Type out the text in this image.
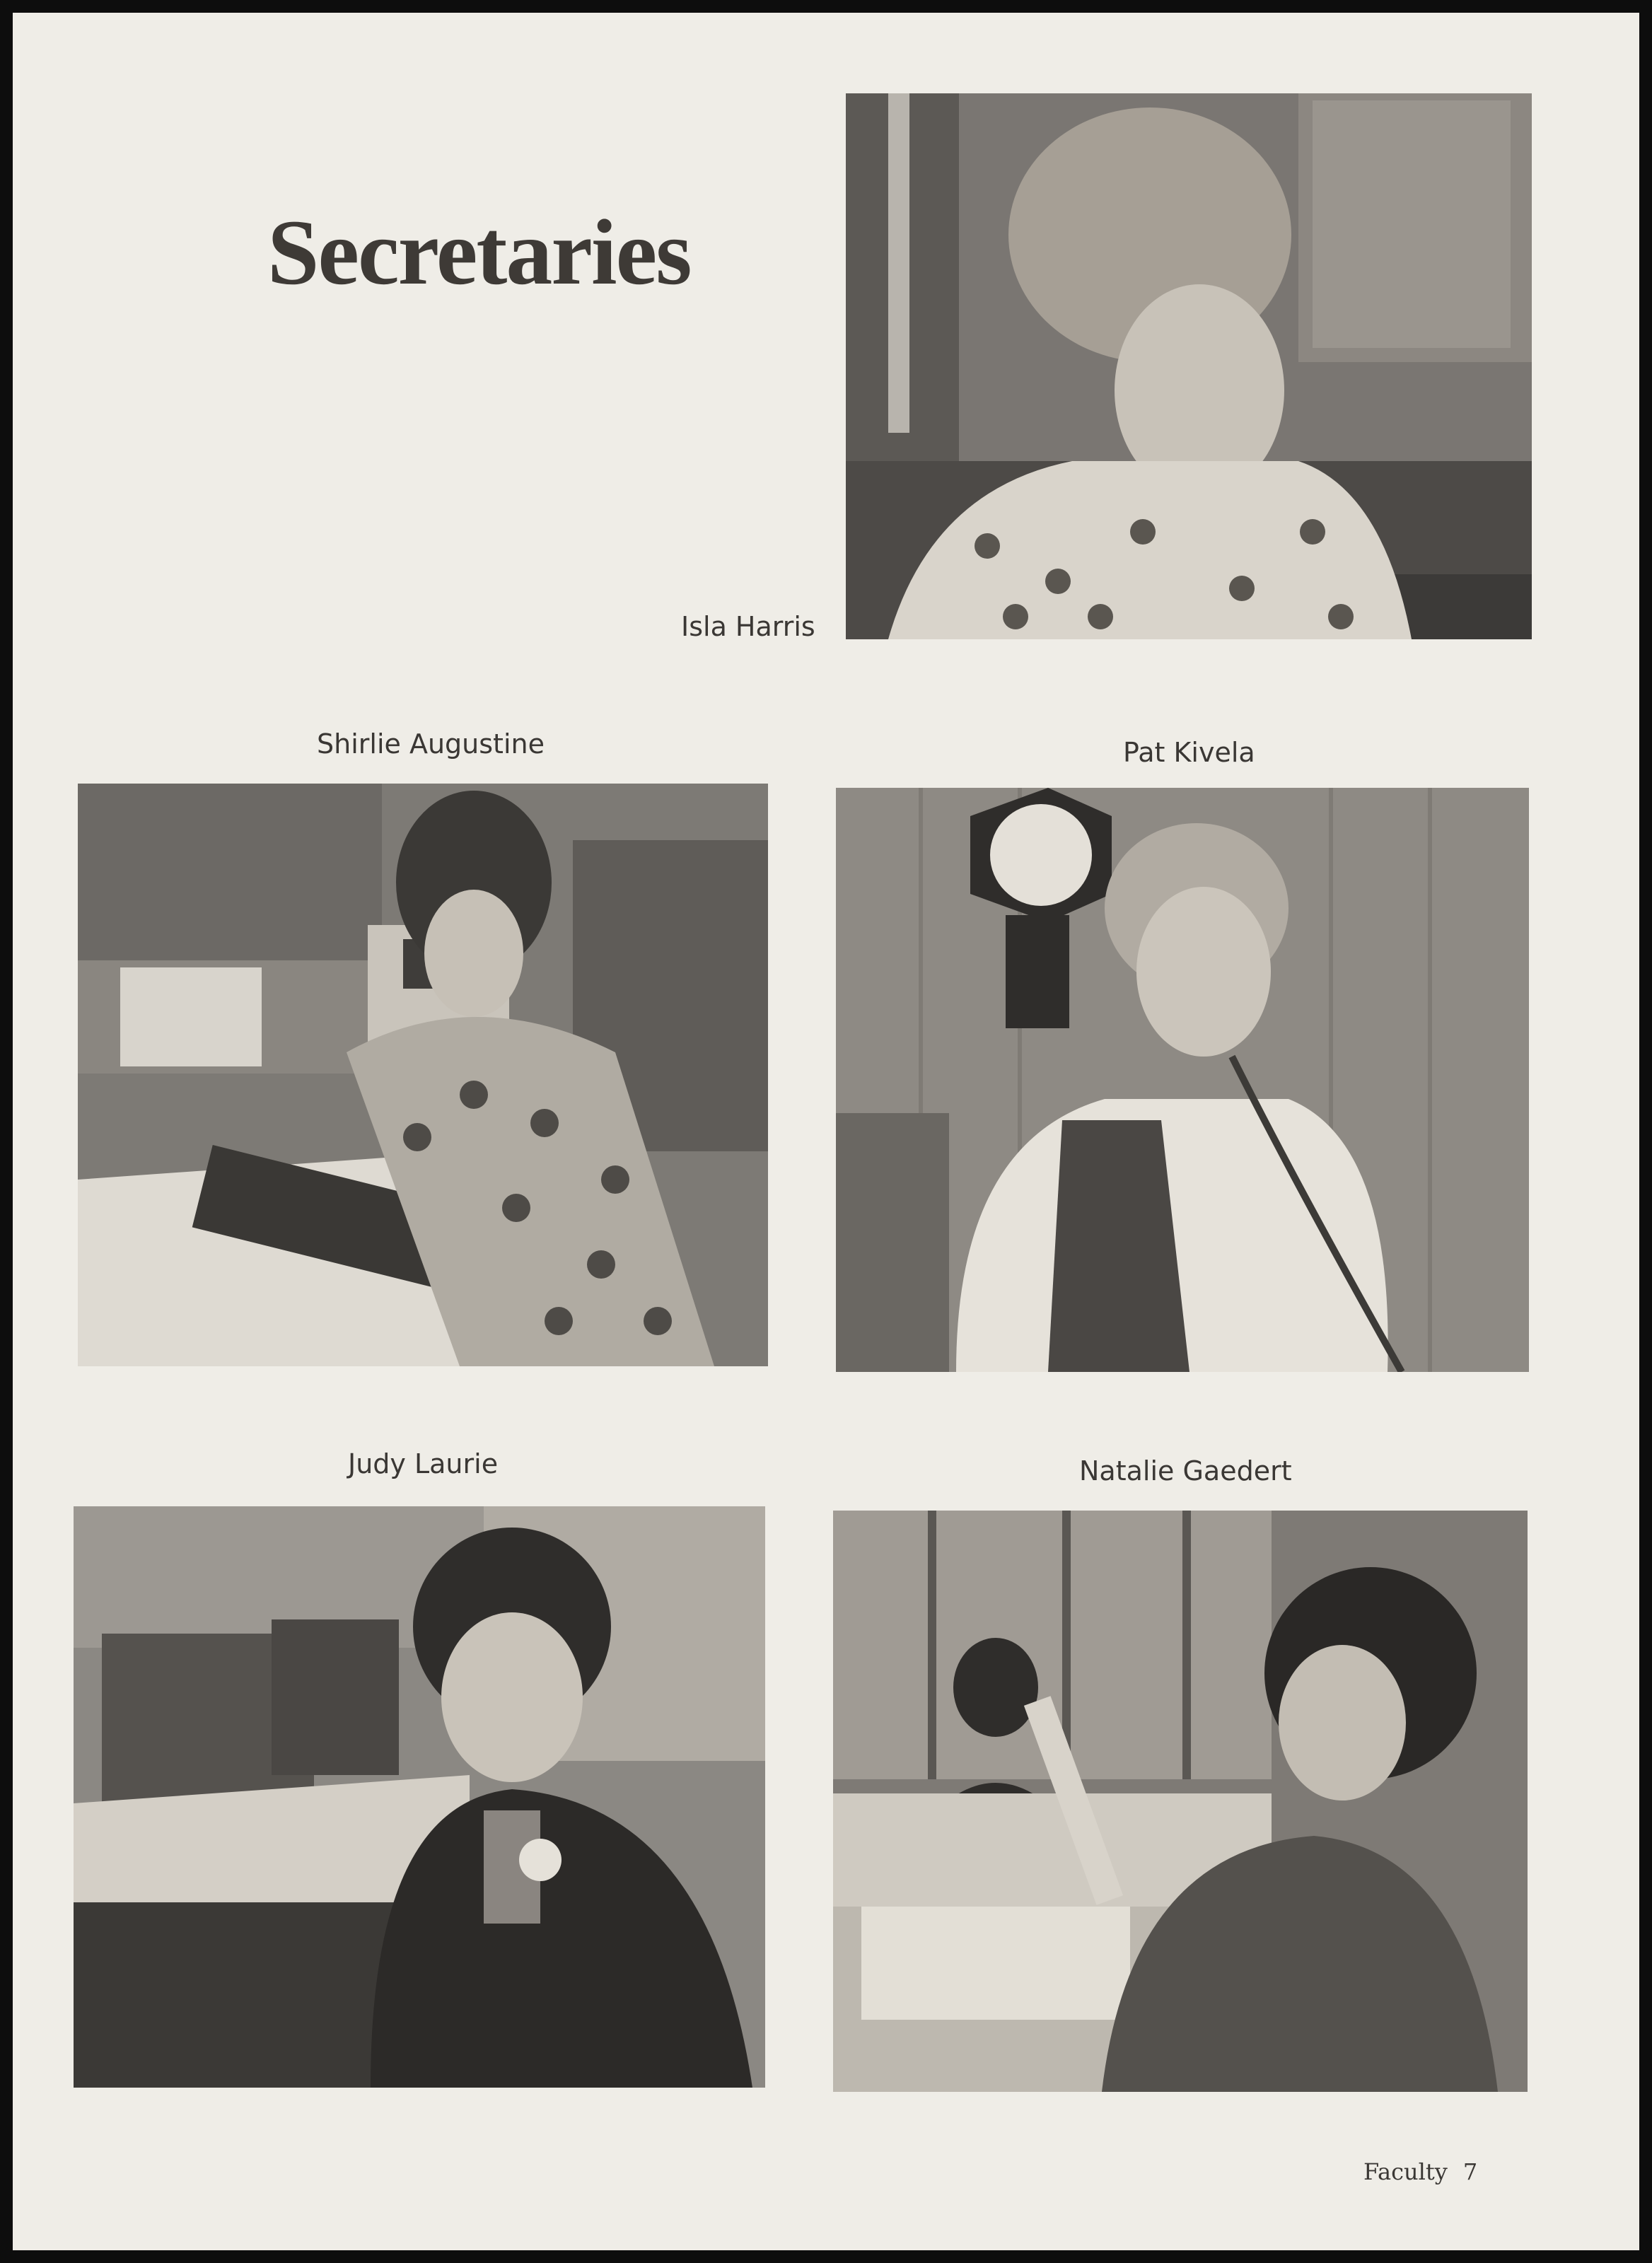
Secretaries
Isla Harris
Shirlie Augustine	Pat Kivela
Judy Laurie	Natalie Gaedert
Faculty 7
